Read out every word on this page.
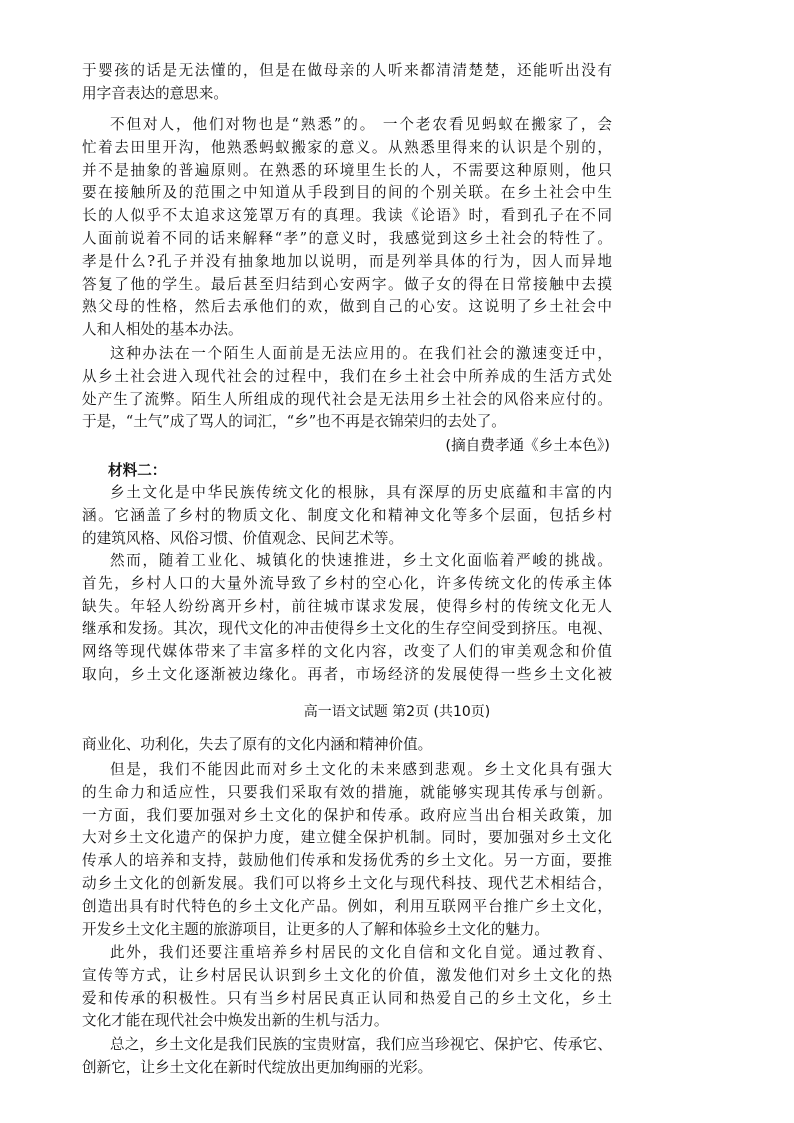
于婴孩的话是无法懂的，但是在做母亲的人听来都清清楚楚，还能听出没有
用字音表达的意思来。
不但对人，他们对物也是“熟悉”的。 一个老农看见蚂蚁在搬家了，会
忙着去田里开沟，他熟悉蚂蚁搬家的意义。从熟悉里得来的认识是个别的，
并不是抽象的普遍原则。在熟悉的环境里生长的人，不需要这种原则，他只
要在接触所及的范围之中知道从手段到目的间的个别关联。在乡土社会中生
长的人似乎不太追求这笼罩万有的真理。我读《论语》时，看到孔子在不同
人面前说着不同的话来解释“孝”的意义时，我感觉到这乡土社会的特性了。
孝是什么?孔子并没有抽象地加以说明，而是列举具体的行为，因人而异地
答复了他的学生。最后甚至归结到心安两字。做子女的得在日常接触中去摸
熟父母的性格，然后去承他们的欢，做到自己的心安。这说明了乡土社会中
人和人相处的基本办法。
这种办法在一个陌生人面前是无法应用的。在我们社会的激速变迁中，
从乡土社会进入现代社会的过程中，我们在乡土社会中所养成的生活方式处
处产生了流弊。陌生人所组成的现代社会是无法用乡土社会的风俗来应付的。
于是，“土气”成了骂人的词汇，“乡”也不再是衣锦荣归的去处了。
(摘自费孝通《乡土本色》)
材料二：
乡土文化是中华民族传统文化的根脉，具有深厚的历史底蕴和丰富的内
涵。它涵盖了乡村的物质文化、制度文化和精神文化等多个层面，包括乡村
的建筑风格、风俗习惯、价值观念、民间艺术等。
然而，随着工业化、城镇化的快速推进，乡土文化面临着严峻的挑战。
首先，乡村人口的大量外流导致了乡村的空心化，许多传统文化的传承主体
缺失。年轻人纷纷离开乡村，前往城市谋求发展，使得乡村的传统文化无人
继承和发扬。其次，现代文化的冲击使得乡土文化的生存空间受到挤压。电视、
网络等现代媒体带来了丰富多样的文化内容，改变了人们的审美观念和价值
取向，乡土文化逐渐被边缘化。再者，市场经济的发展使得一些乡土文化被
高一语文试题 第2页 (共10页)
商业化、功利化，失去了原有的文化内涵和精神价值。
但是，我们不能因此而对乡土文化的未来感到悲观。乡土文化具有强大
的生命力和适应性，只要我们采取有效的措施，就能够实现其传承与创新。
一方面，我们要加强对乡土文化的保护和传承。政府应当出台相关政策，加
大对乡土文化遗产的保护力度，建立健全保护机制。同时，要加强对乡土文化
传承人的培养和支持，鼓励他们传承和发扬优秀的乡土文化。另一方面，要推
动乡土文化的创新发展。我们可以将乡土文化与现代科技、现代艺术相结合，
创造出具有时代特色的乡土文化产品。例如，利用互联网平台推广乡土文化，
开发乡土文化主题的旅游项目，让更多的人了解和体验乡土文化的魅力。
此外，我们还要注重培养乡村居民的文化自信和文化自觉。通过教育、
宣传等方式，让乡村居民认识到乡土文化的价值，激发他们对乡土文化的热
爱和传承的积极性。只有当乡村居民真正认同和热爱自己的乡土文化，乡土
文化才能在现代社会中焕发出新的生机与活力。
总之，乡土文化是我们民族的宝贵财富，我们应当珍视它、保护它、传承它、
创新它，让乡土文化在新时代绽放出更加绚丽的光彩。
